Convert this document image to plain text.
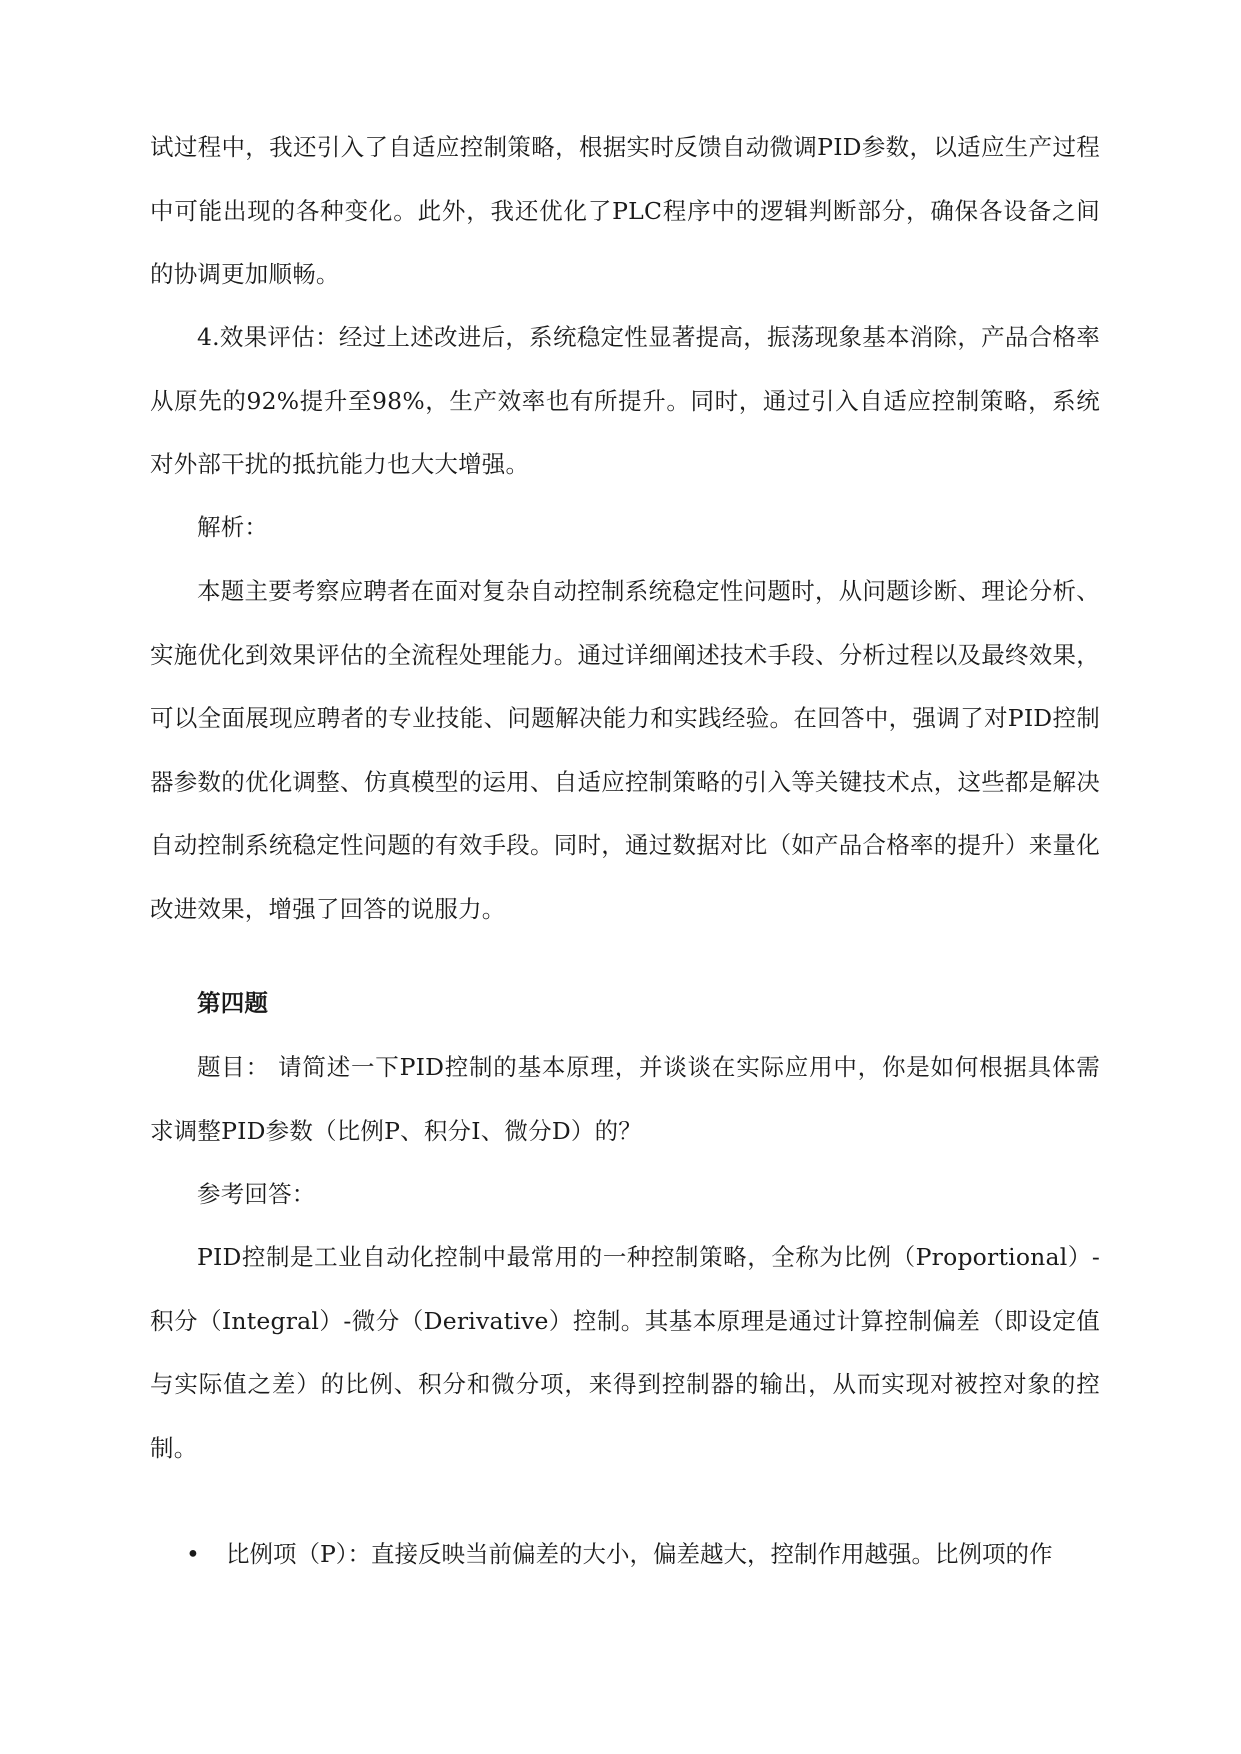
试过程中，我还引入了自适应控制策略，根据实时反馈自动微调PID参数，以适应生产过程中可能出现的各种变化。此外，我还优化了PLC程序中的逻辑判断部分，确保各设备之间的协调更加顺畅。

4.效果评估：经过上述改进后，系统稳定性显著提高，振荡现象基本消除，产品合格率从原先的92%提升至98%，生产效率也有所提升。同时，通过引入自适应控制策略，系统对外部干扰的抵抗能力也大大增强。

解析：

本题主要考察应聘者在面对复杂自动控制系统稳定性问题时，从问题诊断、理论分析、实施优化到效果评估的全流程处理能力。通过详细阐述技术手段、分析过程以及最终效果，可以全面展现应聘者的专业技能、问题解决能力和实践经验。在回答中，强调了对PID控制器参数的优化调整、仿真模型的运用、自适应控制策略的引入等关键技术点，这些都是解决自动控制系统稳定性问题的有效手段。同时，通过数据对比（如产品合格率的提升）来量化改进效果，增强了回答的说服力。

第四题

题目： 请简述一下PID控制的基本原理，并谈谈在实际应用中，你是如何根据具体需求调整PID参数（比例P、积分I、微分D）的？

参考回答：

PID控制是工业自动化控制中最常用的一种控制策略，全称为比例（Proportional）-积分（Integral）-微分（Derivative）控制。其基本原理是通过计算控制偏差（即设定值与实际值之差）的比例、积分和微分项，来得到控制器的输出，从而实现对被控对象的控制。

• 比例项（P）：直接反映当前偏差的大小，偏差越大，控制作用越强。比例项的作
